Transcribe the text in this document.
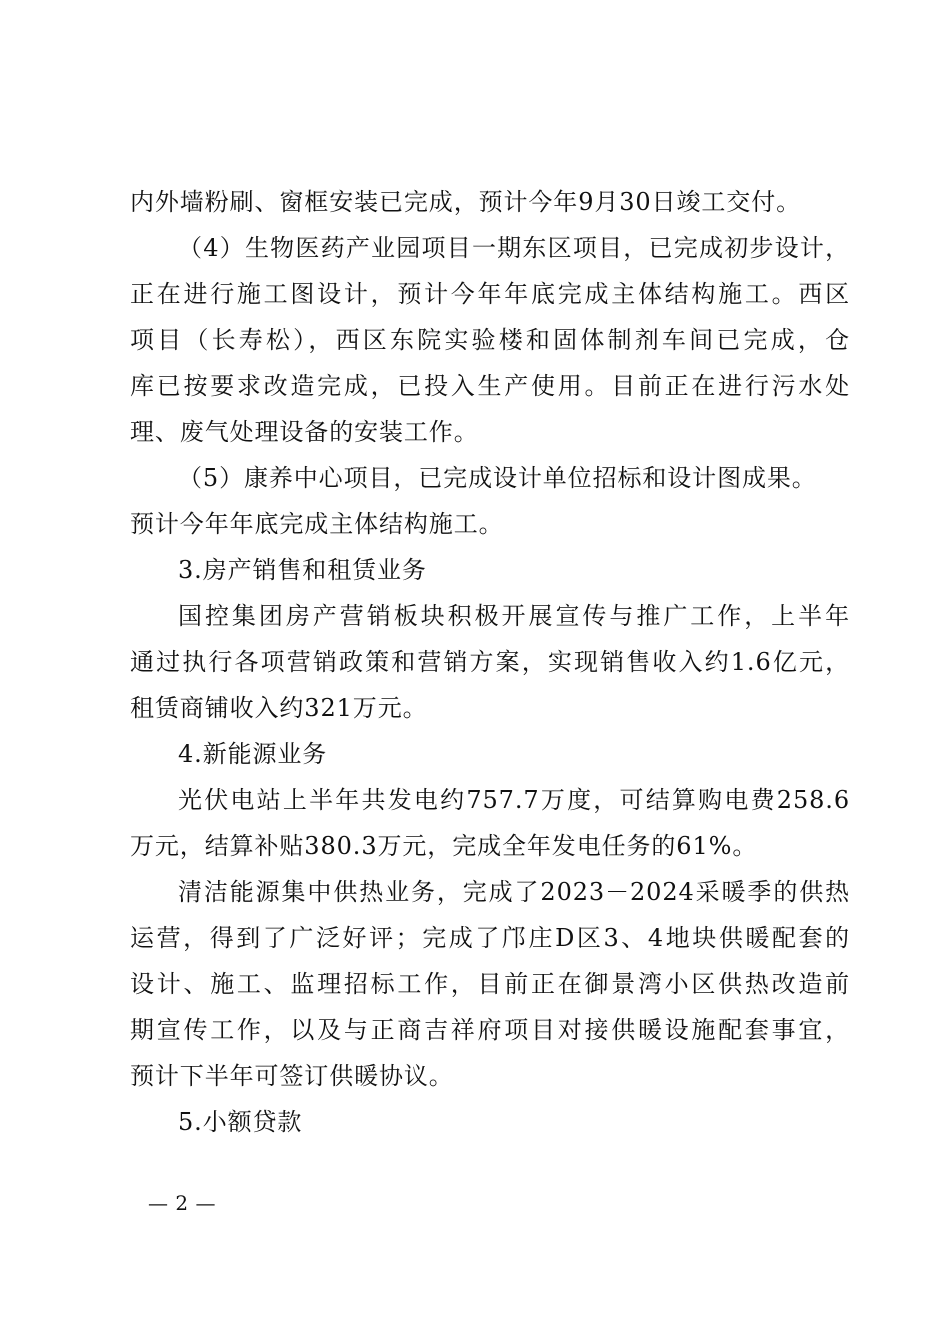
内外墙粉刷、窗框安装已完成，预计今年9月30日竣工交付。
（4）生物医药产业园项目一期东区项目，已完成初步设计，
正在进行施工图设计，预计今年年底完成主体结构施工。西区
项目（长寿松），西区东院实验楼和固体制剂车间已完成，仓
库已按要求改造完成，已投入生产使用。目前正在进行污水处
理、废气处理设备的安装工作。
（5）康养中心项目，已完成设计单位招标和设计图成果。
预计今年年底完成主体结构施工。
3.房产销售和租赁业务
国控集团房产营销板块积极开展宣传与推广工作，上半年
通过执行各项营销政策和营销方案，实现销售收入约1.6亿元，
租赁商铺收入约321万元。
4.新能源业务
光伏电站上半年共发电约757.7万度，可结算购电费258.6
万元，结算补贴380.3万元，完成全年发电任务的61%。
清洁能源集中供热业务，完成了2023－2024采暖季的供热
运营，得到了广泛好评；完成了邝庄D区3、4地块供暖配套的
设计、施工、监理招标工作，目前正在御景湾小区供热改造前
期宣传工作，以及与正商吉祥府项目对接供暖设施配套事宜，
预计下半年可签订供暖协议。
5.小额贷款
— 2 —
